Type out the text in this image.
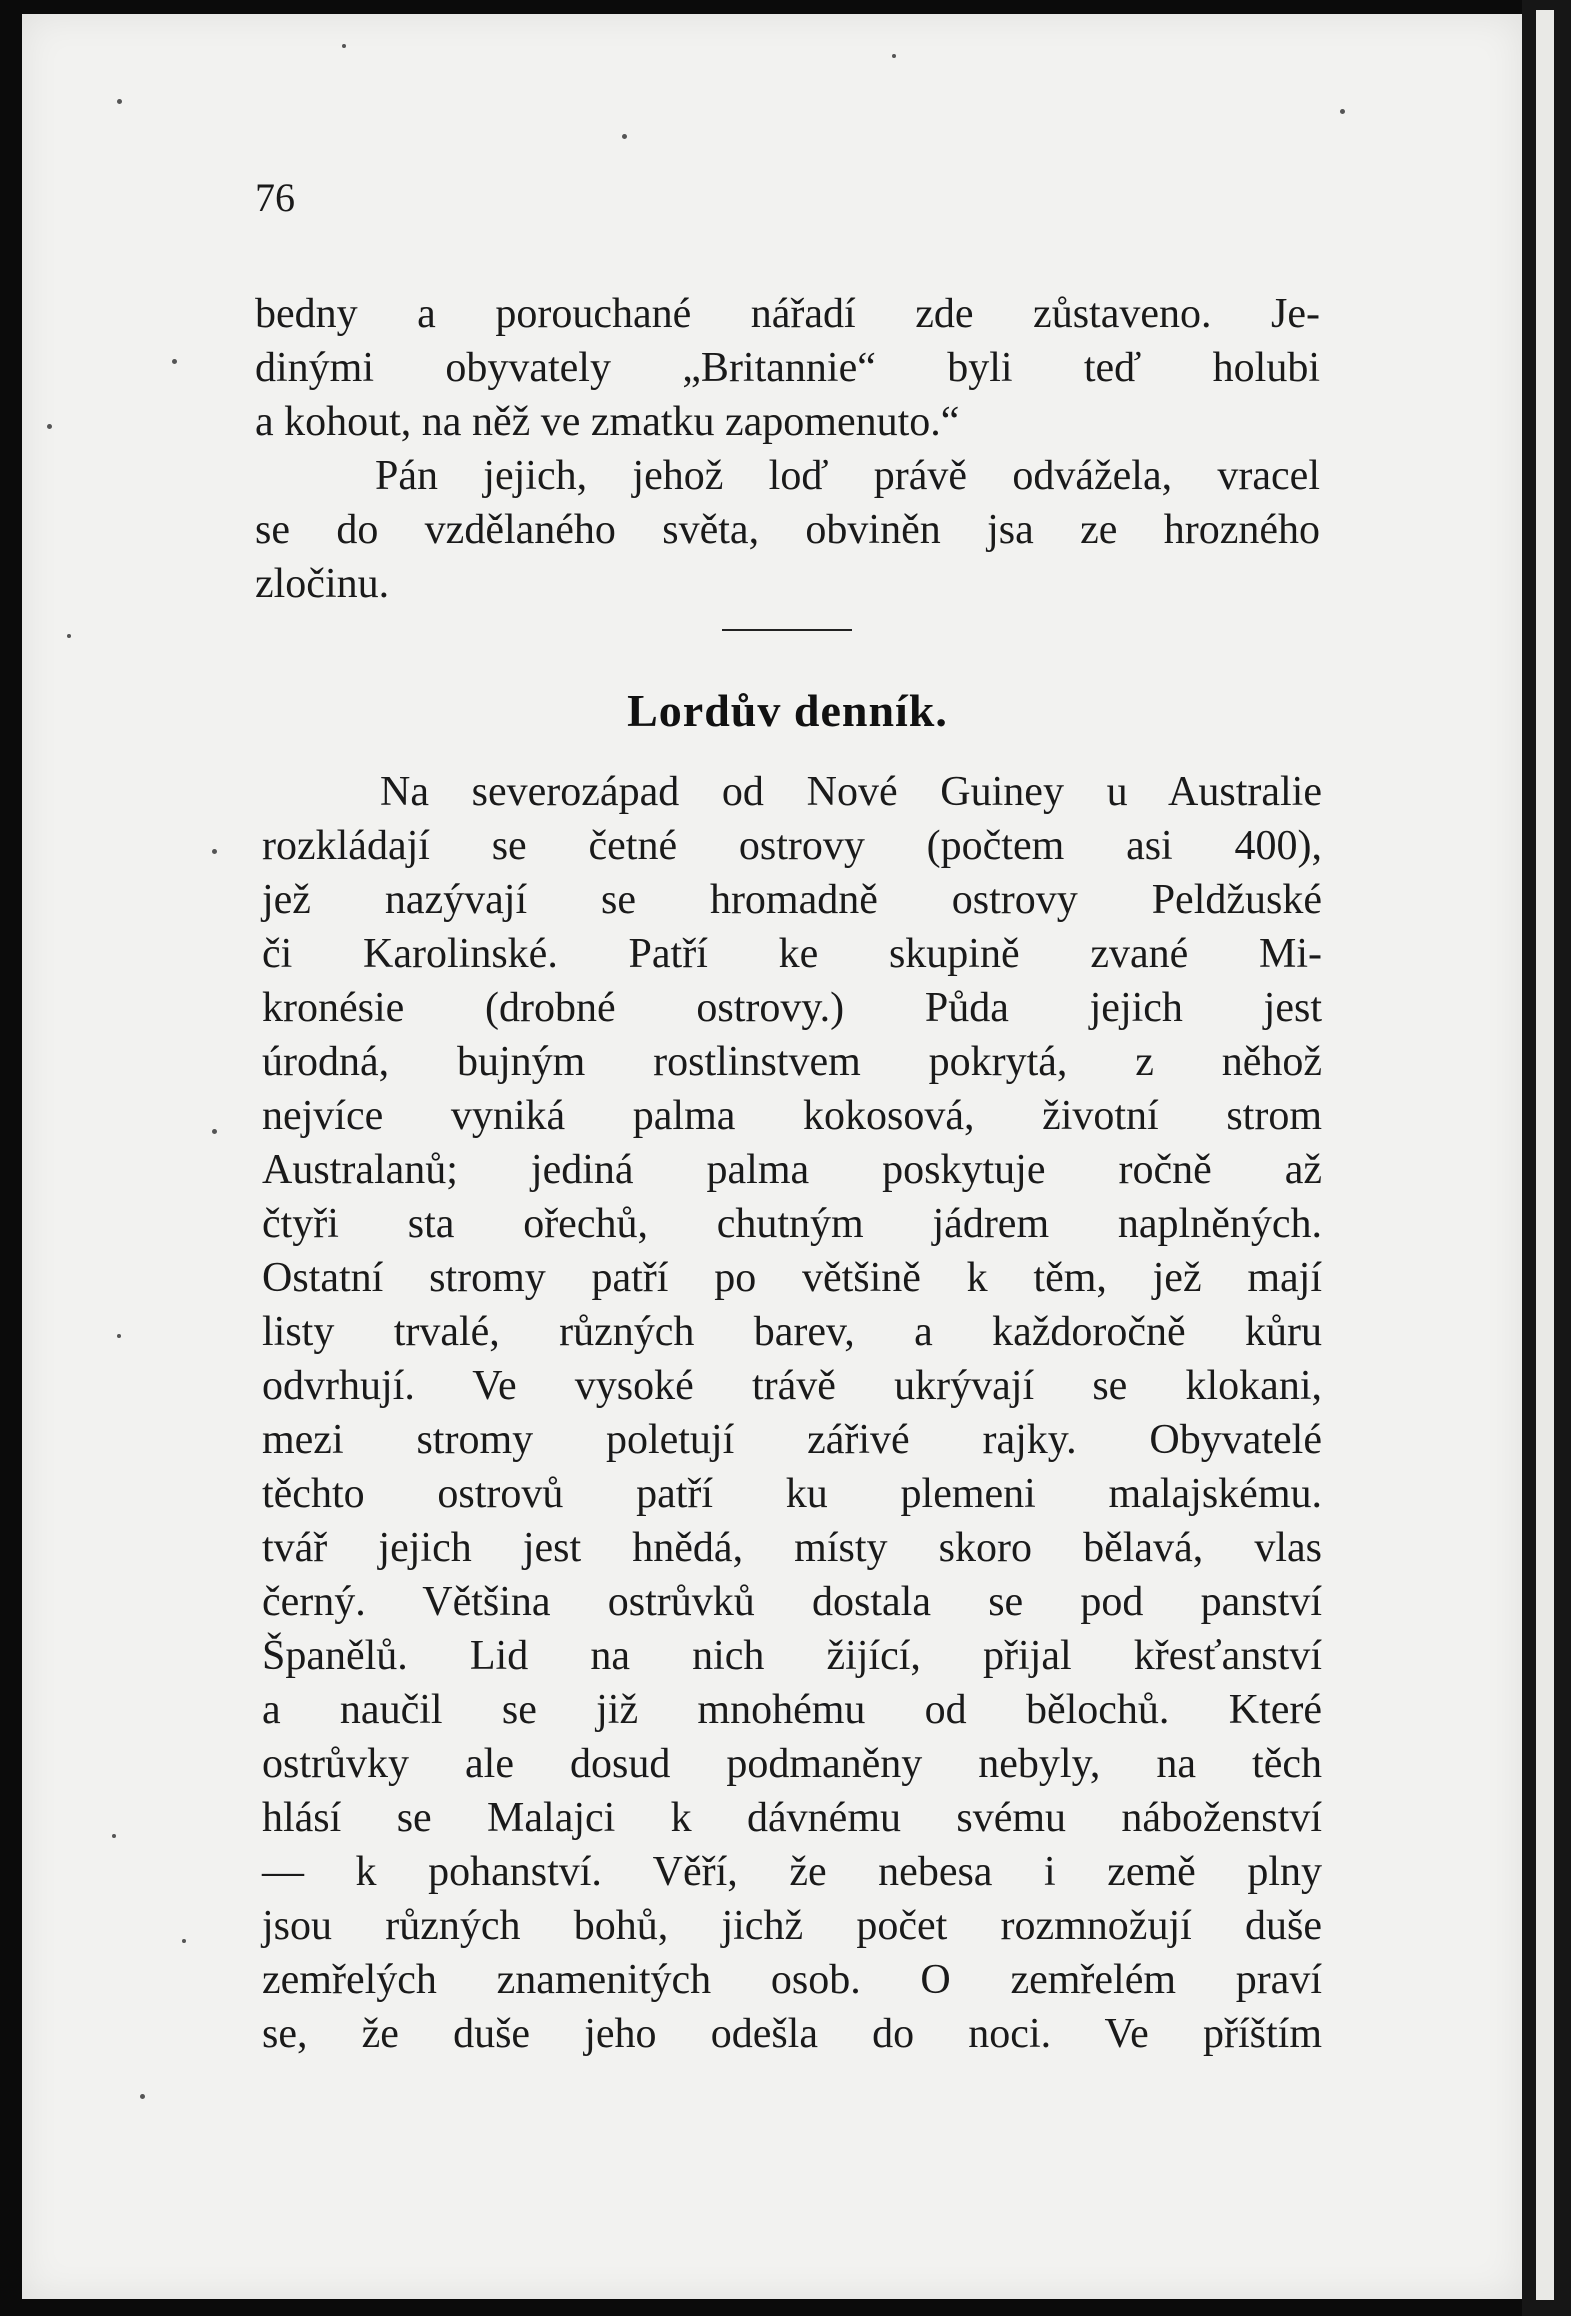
76

bedny a porouchané nářadí zde zůstaveno. Je-
dinými obyvately „Britannie“ byli teď holubi
a kohout, na něž ve zmatku zapomenuto.“
Pán jejich, jehož loď právě odvážela, vracel
se do vzdělaného světa, obviněn jsa ze hrozného
zločinu.
Lordův denník.
Na severozápad od Nové Guiney u Australie
rozkládají se četné ostrovy (počtem asi 400),
jež nazývají se hromadně ostrovy Peldžuské
či Karolinské. Patří ke skupině zvané Mi-
kronésie (drobné ostrovy.) Půda jejich jest
úrodná, bujným rostlinstvem pokrytá, z něhož
nejvíce vyniká palma kokosová, životní strom
Australanů; jediná palma poskytuje ročně až
čtyři sta ořechů, chutným jádrem naplněných.
Ostatní stromy patří po většině k těm, jež mají
listy trvalé, různých barev, a každoročně kůru
odvrhují. Ve vysoké trávě ukrývají se klokani,
mezi stromy poletují zářivé rajky. Obyvatelé
těchto ostrovů patří ku plemeni malajskému.
tvář jejich jest hnědá, místy skoro bělavá, vlas
černý. Většina ostrůvků dostala se pod panství
Španělů. Lid na nich žijící, přijal křesťanství
a naučil se již mnohému od bělochů. Které
ostrůvky ale dosud podmaněny nebyly, na těch
hlásí se Malajci k dávnému svému náboženství
— k pohanství. Věří, že nebesa i země plny
jsou různých bohů, jichž počet rozmnožují duše
zemřelých znamenitých osob. O zemřelém praví
se, že duše jeho odešla do noci. Ve příštím
